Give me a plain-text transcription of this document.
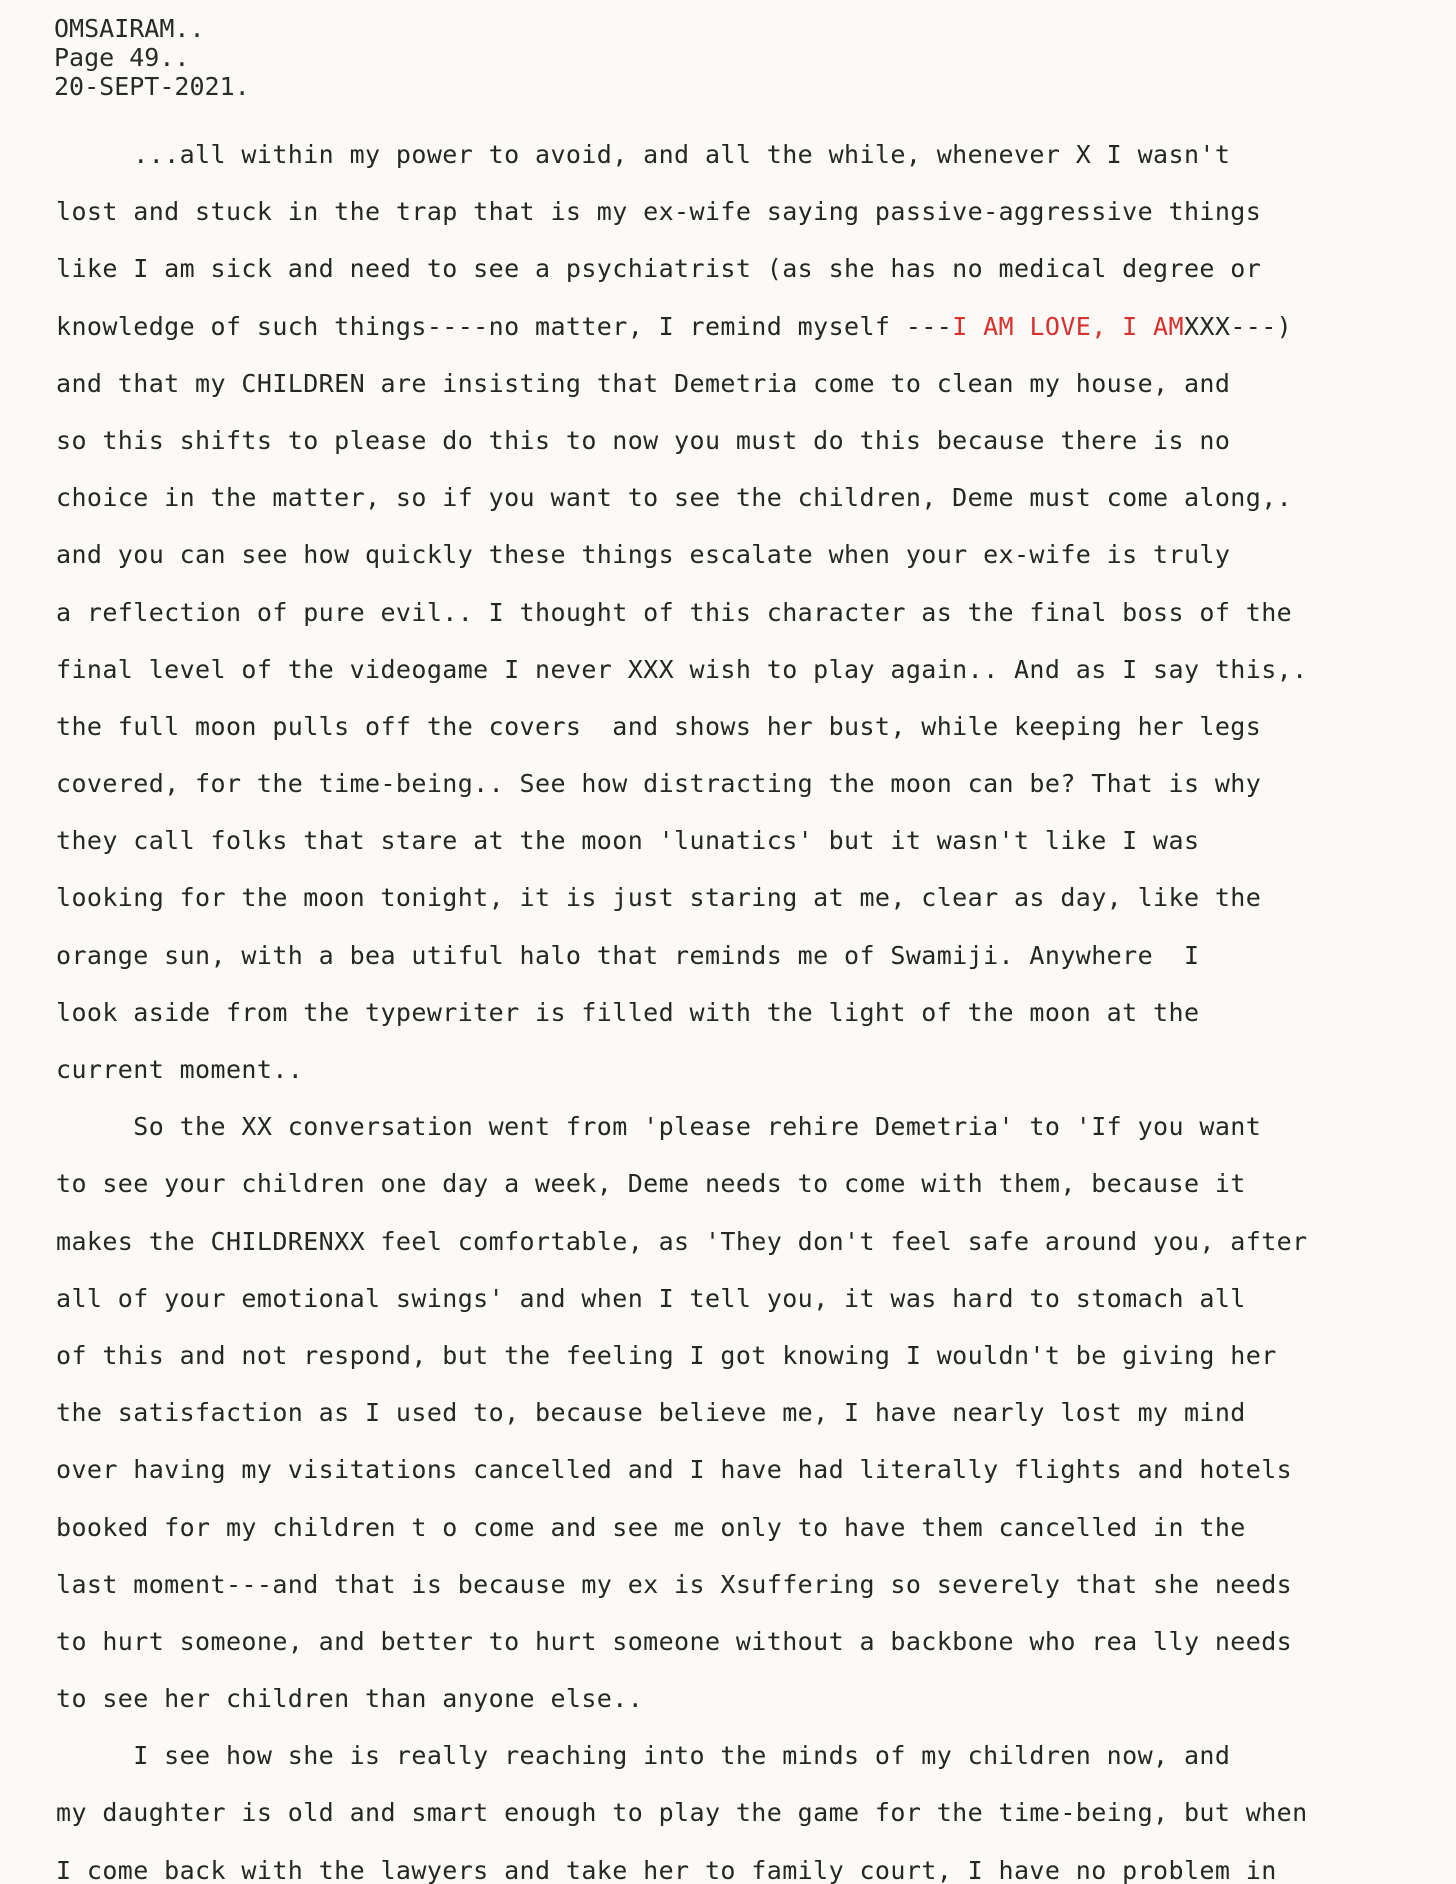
OMSAIRAM..
Page 49..
20-SEPT-2021.
...all within my power to avoid, and all the while, whenever X I wasn't
lost and stuck in the trap that is my ex-wife saying passive-aggressive things
like I am sick and need to see a psychiatrist (as she has no medical degree or
knowledge of such things----no matter, I remind myself ---I AM LOVE, I AMXXX---)
and that my CHILDREN are insisting that Demetria come to clean my house, and
so this shifts to please do this to now you must do this because there is no
choice in the matter, so if you want to see the children, Deme must come along,.
and you can see how quickly these things escalate when your ex-wife is truly
a reflection of pure evil.. I thought of this character as the final boss of the
final level of the videogame I never XXX wish to play again.. And as I say this,.
the full moon pulls off the covers  and shows her bust, while keeping her legs
covered, for the time-being.. See how distracting the moon can be? That is why
they call folks that stare at the moon 'lunatics' but it wasn't like I was
looking for the moon tonight, it is just staring at me, clear as day, like the
orange sun, with a bea utiful halo that reminds me of Swamiji. Anywhere  I
look aside from the typewriter is filled with the light of the moon at the
current moment..
So the XX conversation went from 'please rehire Demetria' to 'If you want
to see your children one day a week, Deme needs to come with them, because it
makes the CHILDRENXX feel comfortable, as 'They don't feel safe around you, after
all of your emotional swings' and when I tell you, it was hard to stomach all
of this and not respond, but the feeling I got knowing I wouldn't be giving her
the satisfaction as I used to, because believe me, I have nearly lost my mind
over having my visitations cancelled and I have had literally flights and hotels
booked for my children t o come and see me only to have them cancelled in the
last moment---and that is because my ex is Xsuffering so severely that she needs
to hurt someone, and better to hurt someone without a backbone who rea lly needs
to see her children than anyone else..
I see how she is really reaching into the minds of my children now, and
my daughter is old and smart enough to play the game for the time-being, but when
I come back with the lawyers and take her to family court, I have no problem in
